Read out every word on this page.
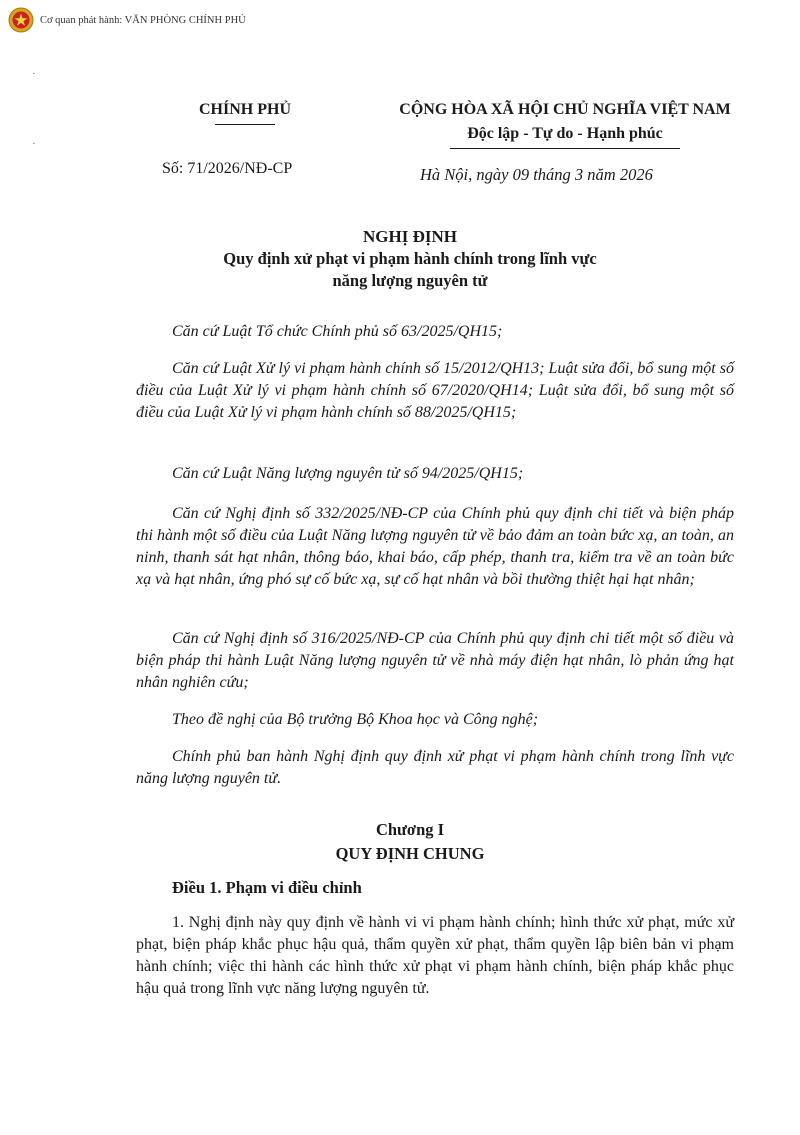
Cơ quan phát hành: VĂN PHÒNG CHÍNH PHỦ
·
·
CHÍNH PHỦ	CỘNG HÒA XÃ HỘI CHỦ NGHĨA VIỆT NAM
Độc lập - Tự do - Hạnh phúc
Số: 71/2026/NĐ-CP	Hà Nội, ngày 09 tháng 3 năm 2026
NGHỊ ĐỊNH
Quy định xử phạt vi phạm hành chính trong lĩnh vực
năng lượng nguyên tử
Căn cứ Luật Tổ chức Chính phủ số 63/2025/QH15;
Căn cứ Luật Xử lý vi phạm hành chính số 15/2012/QH13; Luật sửa đổi, bổ sung một số điều của Luật Xử lý vi phạm hành chính số 67/2020/QH14; Luật sửa đổi, bổ sung một số điều của Luật Xử lý vi phạm hành chính số 88/2025/QH15;
Căn cứ Luật Năng lượng nguyên tử số 94/2025/QH15;
Căn cứ Nghị định số 332/2025/NĐ-CP của Chính phủ quy định chi tiết và biện pháp thi hành một số điều của Luật Năng lượng nguyên tử về bảo đảm an toàn bức xạ, an toàn, an ninh, thanh sát hạt nhân, thông báo, khai báo, cấp phép, thanh tra, kiểm tra về an toàn bức xạ và hạt nhân, ứng phó sự cố bức xạ, sự cố hạt nhân và bồi thường thiệt hại hạt nhân;
Căn cứ Nghị định số 316/2025/NĐ-CP của Chính phủ quy định chi tiết một số điều và biện pháp thi hành Luật Năng lượng nguyên tử về nhà máy điện hạt nhân, lò phản ứng hạt nhân nghiên cứu;
Theo đề nghị của Bộ trưởng Bộ Khoa học và Công nghệ;
Chính phủ ban hành Nghị định quy định xử phạt vi phạm hành chính trong lĩnh vực năng lượng nguyên tử.
Chương I
QUY ĐỊNH CHUNG
Điều 1. Phạm vi điều chỉnh
1. Nghị định này quy định về hành vi vi phạm hành chính; hình thức xử phạt, mức xử phạt, biện pháp khắc phục hậu quả, thẩm quyền xử phạt, thẩm quyền lập biên bản vi phạm hành chính; việc thi hành các hình thức xử phạt vi phạm hành chính, biện pháp khắc phục hậu quả trong lĩnh vực năng lượng nguyên tử.
